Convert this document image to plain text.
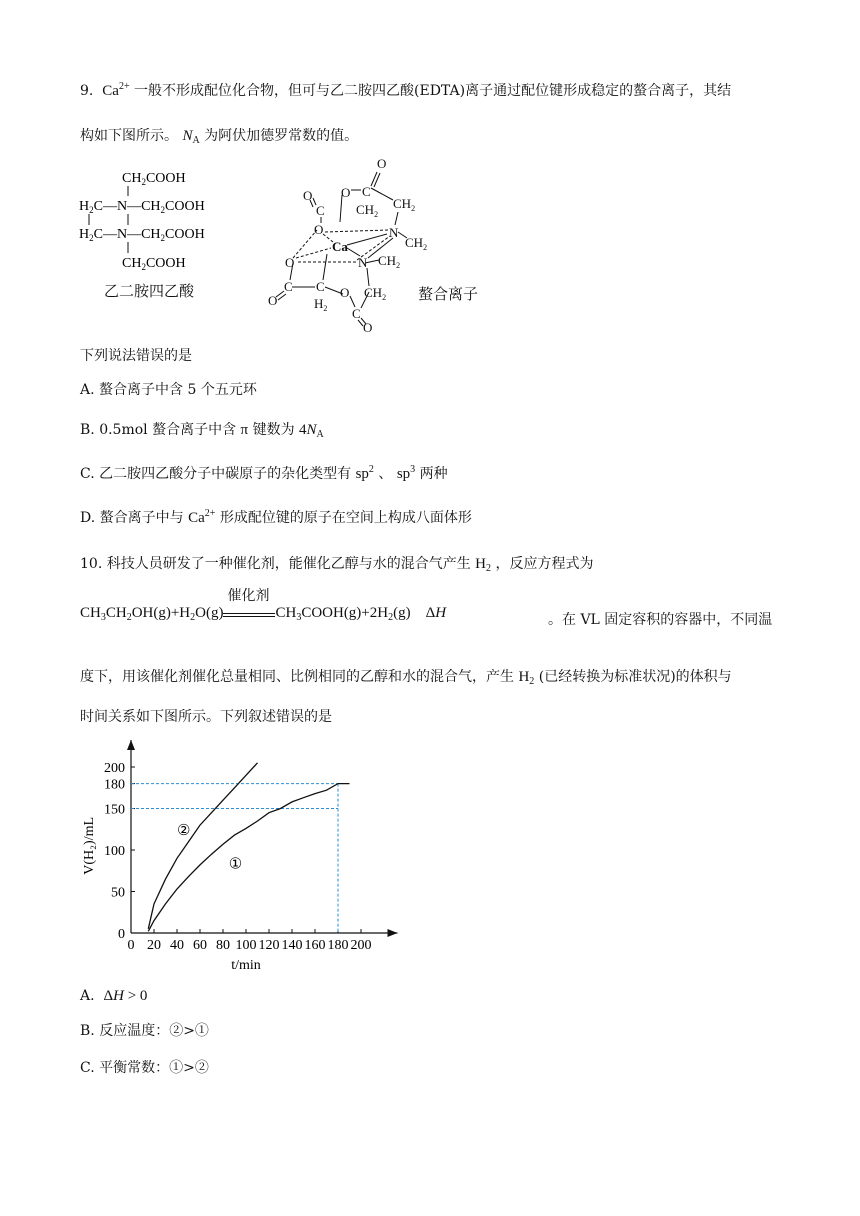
9. $Ca^{2+}$ 一般不形成配位化合物，但可与乙二胺四乙酸(EDTA)离子通过配位键形成稳定的螯合离子，其结
构如下图所示。 $N_A$ 为阿伏加德罗常数的值。
$CH_2COOH$
$H_2C—N—CH_2COOH$
$H_2C—N—CH_2COOH$
$CH_2COOH$
乙二胺四乙酸
O
O C
O
C $CH_2$
$CH_2$
O	N
$CH_2$
Ca
O	N $CH_2$
C C
$H_2$
O
O $CH_2$
C
O
螯合离子
下列说法错误的是
A. 螯合离子中含 5 个五元环
B. 0.5mol 螯合离子中含 π 键数为 $4N_A$
C. 乙二胺四乙酸分子中碳原子的杂化类型有 $sp^2$ 、 $sp^3$ 两种
D. 螯合离子中与 $Ca^{2+}$ 形成配位键的原子在空间上构成八面体形
10. 科技人员研发了一种催化剂，能催化乙醇与水的混合气产生 $H_2$ ，反应方程式为
$CH_3CH_2OH(g)+H_2O(g)$
催化剂
$CH_3COOH(g)+2H_2(g)$    ΔH	。在 VL 固定容积的容器中，不同温
度下，用该催化剂催化总量相同、比例相同的乙醇和水的混合气，产生 $H_2$ (已经转换为标准状况)的体积与
时间关系如下图所示。下列叙述错误的是
0 20 40 60 80 100 120 140 160 180 200
0
50
100
150
180
200
t/min
V(H₂)/mL	②
①
A.  ΔH > 0
B. 反应温度：②>①
C. 平衡常数：①>②
